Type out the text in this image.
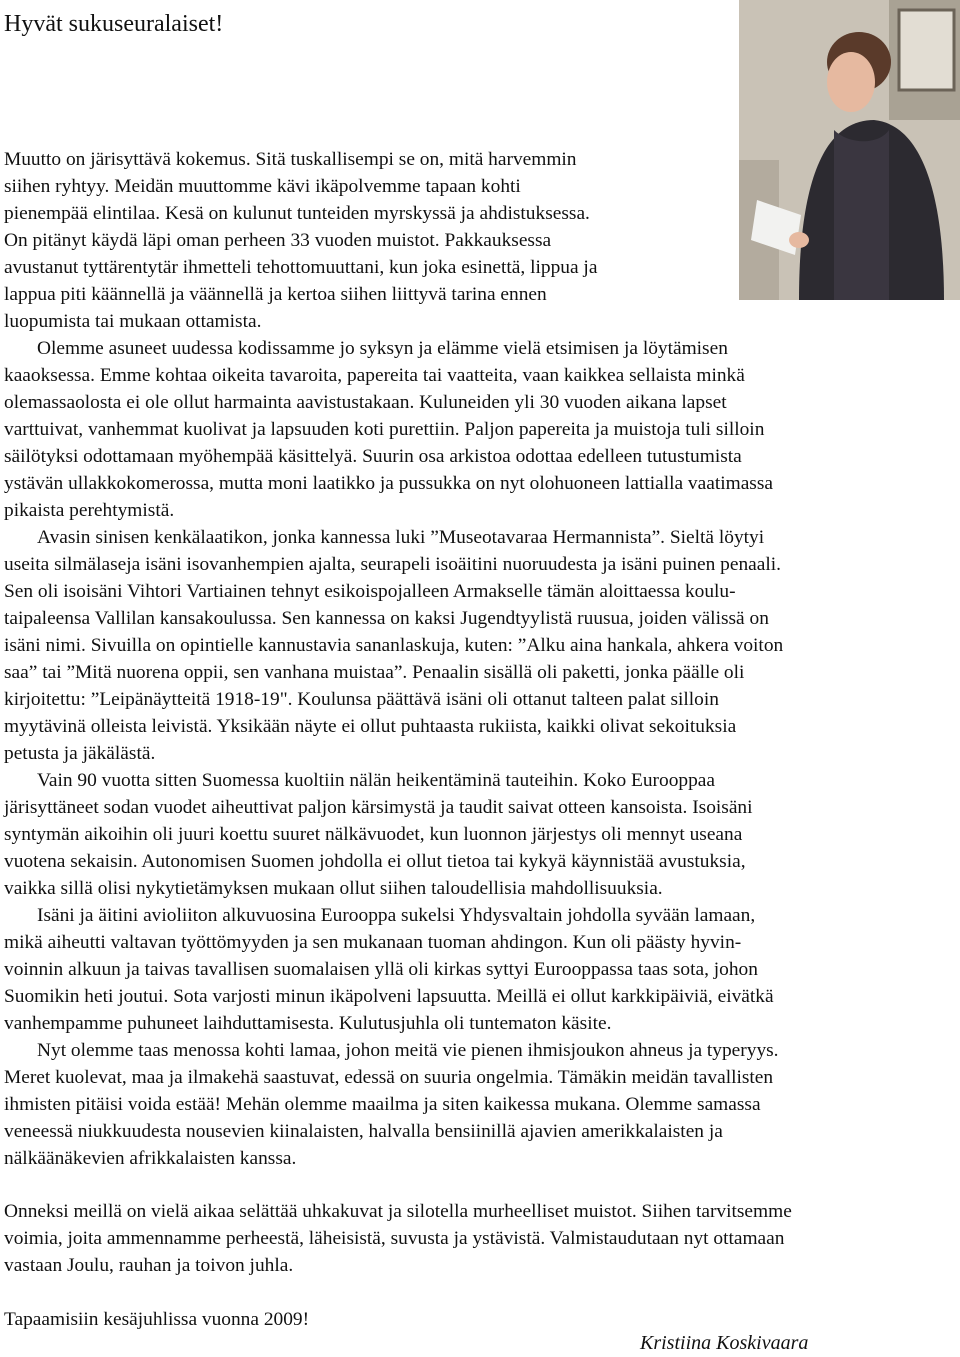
Hyvät sukuseuralaiset!
Muutto on järisyttävä kokemus. Sitä tuskallisempi se on, mitä harvemmin
siihen ryhtyy. Meidän muuttomme kävi ikäpolvemme tapaan kohti
pienempää elintilaa. Kesä on kulunut tunteiden myrskyssä ja ahdistuksessa.
On pitänyt käydä läpi oman perheen 33 vuoden muistot. Pakkauksessa
avustanut tyttärentytär ihmetteli tehottomuuttani, kun joka esinettä, lippua ja
lappua piti käännellä ja väännellä ja kertoa siihen liittyvä tarina ennen
luopumista tai mukaan ottamista.
Olemme asuneet uudessa kodissamme jo syksyn ja elämme vielä etsimisen ja löytämisen
kaaoksessa. Emme kohtaa oikeita tavaroita, papereita tai vaatteita, vaan kaikkea sellaista minkä
olemassaolosta ei ole ollut harmainta aavistustakaan. Kuluneiden yli 30 vuoden aikana lapset
varttuivat, vanhemmat kuolivat ja lapsuuden koti purettiin. Paljon papereita ja muistoja tuli silloin
säilötyksi odottamaan myöhempää käsittelyä. Suurin osa arkistoa odottaa edelleen tutustumista
ystävän ullakkokomerossa, mutta moni laatikko ja pussukka on nyt olohuoneen lattialla vaatimassa
pikaista perehtymistä.
Avasin sinisen kenkälaatikon, jonka kannessa luki ”Museotavaraa Hermannista”. Sieltä löytyi
useita silmälaseja isäni isovanhempien ajalta, seurapeli isoäitini nuoruudesta ja isäni puinen penaali.
Sen oli isoisäni Vihtori Vartiainen tehnyt esikoispojalleen Armakselle tämän aloittaessa koulu-
taipaleensa Vallilan kansakoulussa. Sen kannessa on kaksi Jugendtyylistä ruusua, joiden välissä on
isäni nimi. Sivuilla on opintielle kannustavia sananlaskuja, kuten: ”Alku aina hankala, ahkera voiton
saa” tai ”Mitä nuorena oppii, sen vanhana muistaa”. Penaalin sisällä oli paketti, jonka päälle oli
kirjoitettu: ”Leipänäytteitä 1918-19". Koulunsa päättävä isäni oli ottanut talteen palat silloin
myytävinä olleista leivistä. Yksikään näyte ei ollut puhtaasta rukiista, kaikki olivat sekoituksia
petusta ja jäkälästä.
Vain 90 vuotta sitten Suomessa kuoltiin nälän heikentäminä tauteihin. Koko Eurooppaa
järisyttäneet sodan vuodet aiheuttivat paljon kärsimystä ja taudit saivat otteen kansoista. Isoisäni
syntymän aikoihin oli juuri koettu suuret nälkävuodet, kun luonnon järjestys oli mennyt useana
vuotena sekaisin. Autonomisen Suomen johdolla ei ollut tietoa tai kykyä käynnistää avustuksia,
vaikka sillä olisi nykytietämyksen mukaan ollut siihen taloudellisia mahdollisuuksia.
Isäni ja äitini avioliiton alkuvuosina Eurooppa sukelsi Yhdysvaltain johdolla syvään lamaan,
mikä aiheutti valtavan työttömyyden ja sen mukanaan tuoman ahdingon. Kun oli päästy hyvin-
voinnin alkuun ja taivas tavallisen suomalaisen yllä oli kirkas syttyi Eurooppassa taas sota, johon
Suomikin heti joutui. Sota varjosti minun ikäpolveni lapsuutta. Meillä ei ollut karkkipäiviä, eivätkä
vanhempamme puhuneet laihduttamisesta. Kulutusjuhla oli tuntematon käsite.
Nyt olemme taas menossa kohti lamaa, johon meitä vie pienen ihmisjoukon ahneus ja typeryys.
Meret kuolevat, maa ja ilmakehä saastuvat, edessä on suuria ongelmia. Tämäkin meidän tavallisten
ihmisten pitäisi voida estää! Mehän olemme maailma ja siten kaikessa mukana. Olemme samassa
veneessä niukkuudesta nousevien kiinalaisten, halvalla bensiinillä ajavien amerikkalaisten ja
nälkäänäkevien afrikkalaisten kanssa.
Onneksi meillä on vielä aikaa selättää uhkakuvat ja silotella murheelliset muistot. Siihen tarvitsemme
voimia, joita ammennamme perheestä, läheisistä, suvusta ja ystävistä. Valmistaudutaan nyt ottamaan
vastaan Joulu, rauhan ja toivon juhla.
Tapaamisiin kesäjuhlissa vuonna 2009!
Kristiina Koskivaara
